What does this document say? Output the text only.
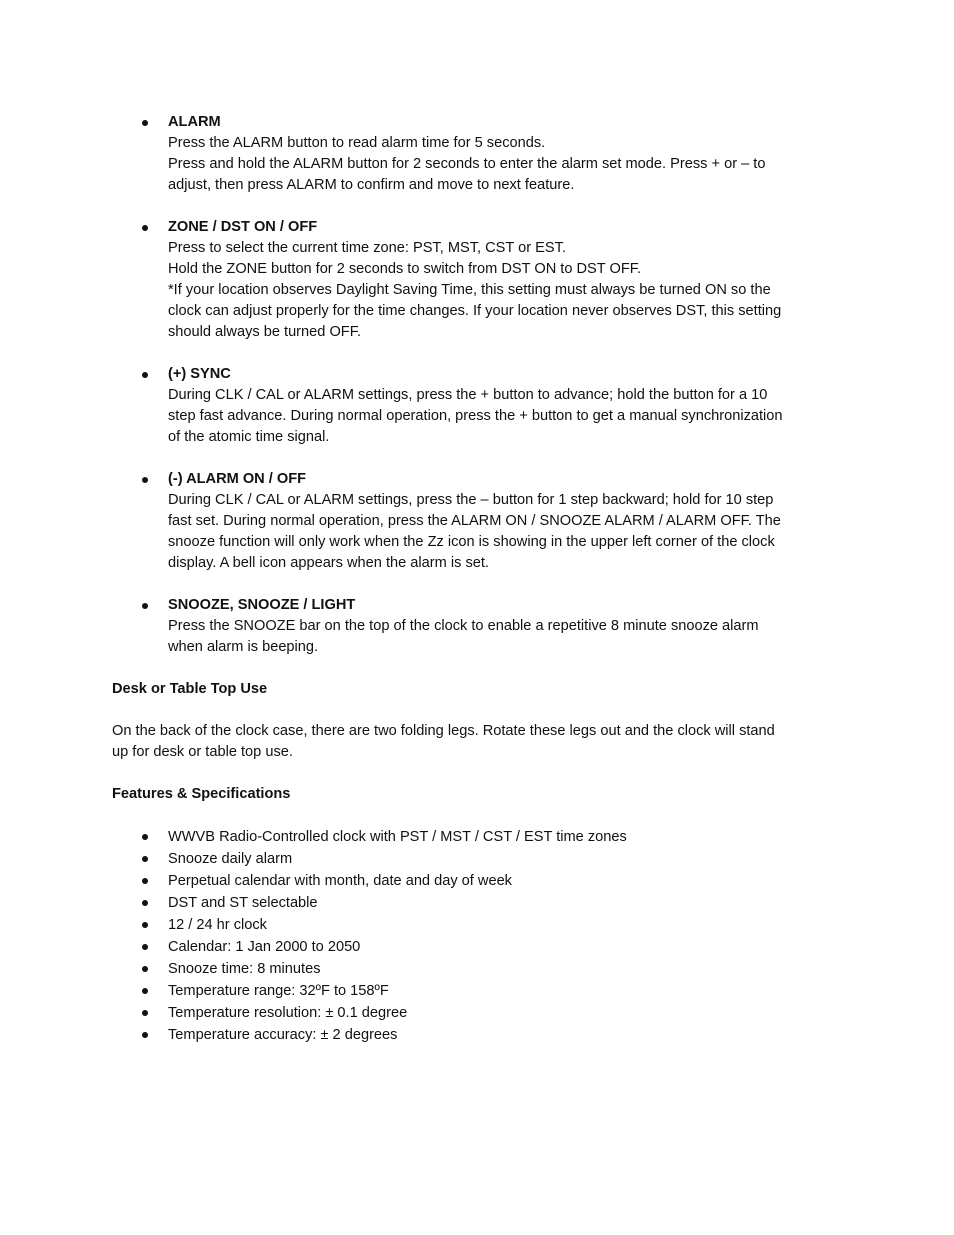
ALARM
Press the ALARM button to read alarm time for 5 seconds.
Press and hold the ALARM button for 2 seconds to enter the alarm set mode. Press + or – to
adjust, then press ALARM to confirm and move to next feature.
ZONE / DST ON / OFF
Press to select the current time zone: PST, MST, CST or EST.
Hold the ZONE button for 2 seconds to switch from DST ON to DST OFF.
*If your location observes Daylight Saving Time, this setting must always be turned ON so the
clock can adjust properly for the time changes. If your location never observes DST, this setting
should always be turned OFF.
(+) SYNC
During CLK / CAL or ALARM settings, press the + button to advance; hold the button for a 10
step fast advance. During normal operation, press the + button to get a manual synchronization
of the atomic time signal.
(-) ALARM ON / OFF
During CLK / CAL or ALARM settings, press the – button for 1 step backward; hold for 10 step
fast set. During normal operation, press the ALARM ON / SNOOZE ALARM / ALARM OFF. The
snooze function will only work when the Zz icon is showing in the upper left corner of the clock
display. A bell icon appears when the alarm is set.
SNOOZE, SNOOZE / LIGHT
Press the SNOOZE bar on the top of the clock to enable a repetitive 8 minute snooze alarm
when alarm is beeping.
Desk or Table Top Use
On the back of the clock case, there are two folding legs. Rotate these legs out and the clock will stand
up for desk or table top use.
Features & Specifications
WWVB Radio-Controlled clock with PST / MST / CST / EST time zones
Snooze daily alarm
Perpetual calendar with month, date and day of week
DST and ST selectable
12 / 24 hr clock
Calendar: 1 Jan 2000 to 2050
Snooze time: 8 minutes
Temperature range: 32ºF to 158ºF
Temperature resolution: ± 0.1 degree
Temperature accuracy: ± 2 degrees
